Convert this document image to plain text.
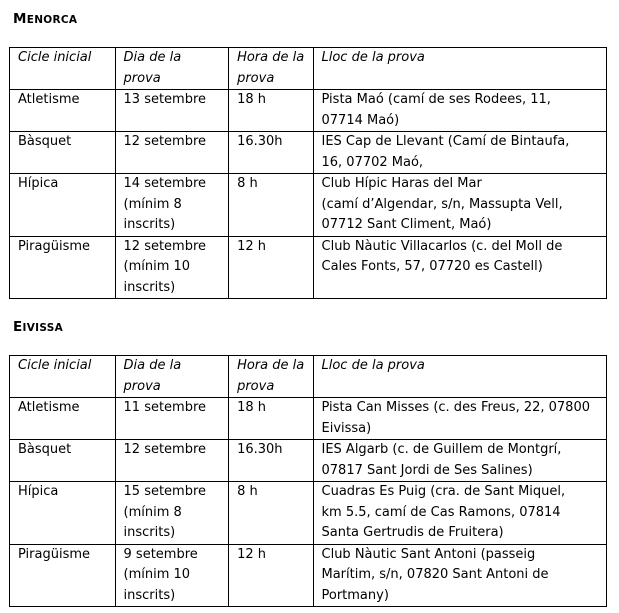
MENORCA
Cicle inicial	Dia de la prova	Hora de la prova	Lloc de la prova
Atletisme	13 setembre	18 h	Pista Maó (camí de ses Rodees, 11,
07714 Maó)
Bàsquet	12 setembre	16.30h	IES Cap de Llevant (Camí de Bintaufa,
16, 07702 Maó,
Hípica	14 setembre
(mínim 8
inscrits)	8 h	Club Hípic Haras del Mar
(camí d’Algendar, s/n, Massupta Vell,
07712 Sant Climent, Maó)
Piragüisme	12 setembre
(mínim 10
inscrits)	12 h	Club Nàutic Villacarlos (c. del Moll de
Cales Fonts, 57, 07720 es Castell)
EIVISSA
Cicle inicial	Dia de la prova	Hora de la prova	Lloc de la prova
Atletisme	11 setembre	18 h	Pista Can Misses (c. des Freus, 22, 07800
Eivissa)
Bàsquet	12 setembre	16.30h	IES Algarb (c. de Guillem de Montgrí,
07817 Sant Jordi de Ses Salines)
Hípica	15 setembre
(mínim 8
inscrits)	8 h	Cuadras Es Puig (cra. de Sant Miquel,
km 5.5, camí de Cas Ramons, 07814
Santa Gertrudis de Fruitera)
Piragüisme	9 setembre
(mínim 10
inscrits)	12 h	Club Nàutic Sant Antoni (passeig
Marítim, s/n, 07820 Sant Antoni de
Portmany)
